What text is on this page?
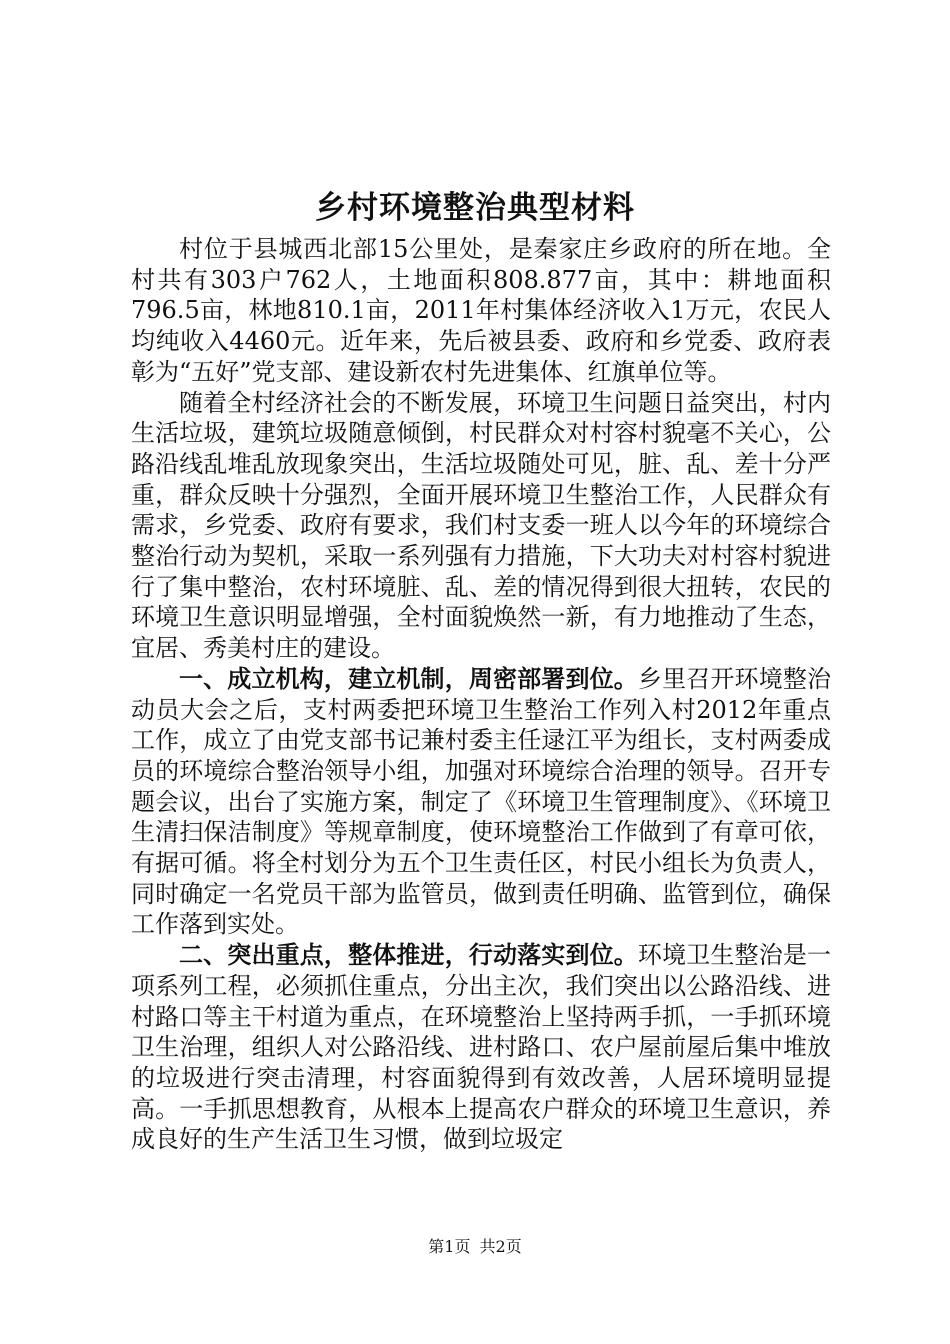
乡村环境整治典型材料

村位于县城西北部15公里处，是秦家庄乡政府的所在地。全村共有303户762人，土地面积808.877亩，其中：耕地面积796.5亩，林地810.1亩，2011年村集体经济收入1万元，农民人均纯收入4460元。近年来，先后被县委、政府和乡党委、政府表彰为“五好”党支部、建设新农村先进集体、红旗单位等。

随着全村经济社会的不断发展，环境卫生问题日益突出，村内生活垃圾，建筑垃圾随意倾倒，村民群众对村容村貌毫不关心，公路沿线乱堆乱放现象突出，生活垃圾随处可见，脏、乱、差十分严重，群众反映十分强烈，全面开展环境卫生整治工作，人民群众有需求，乡党委、政府有要求，我们村支委一班人以今年的环境综合整治行动为契机，采取一系列强有力措施，下大功夫对村容村貌进行了集中整治，农村环境脏、乱、差的情况得到很大扭转，农民的环境卫生意识明显增强，全村面貌焕然一新，有力地推动了生态，宜居、秀美村庄的建设。

一、成立机构，建立机制，周密部署到位。乡里召开环境整治动员大会之后，支村两委把环境卫生整治工作列入村2012年重点工作，成立了由党支部书记兼村委主任逯江平为组长，支村两委成员的环境综合整治领导小组，加强对环境综合治理的领导。召开专题会议，出台了实施方案，制定了《环境卫生管理制度》、《环境卫生清扫保洁制度》等规章制度，使环境整治工作做到了有章可依，有据可循。将全村划分为五个卫生责任区，村民小组长为负责人，同时确定一名党员干部为监管员，做到责任明确、监管到位，确保工作落到实处。

二、突出重点，整体推进，行动落实到位。环境卫生整治是一项系列工程，必须抓住重点，分出主次，我们突出以公路沿线、进村路口等主干村道为重点，在环境整治上坚持两手抓，一手抓环境卫生治理，组织人对公路沿线、进村路口、农户屋前屋后集中堆放的垃圾进行突击清理，村容面貌得到有效改善，人居环境明显提高。一手抓思想教育，从根本上提高农户群众的环境卫生意识，养成良好的生产生活卫生习惯，做到垃圾定

第1页 共2页
